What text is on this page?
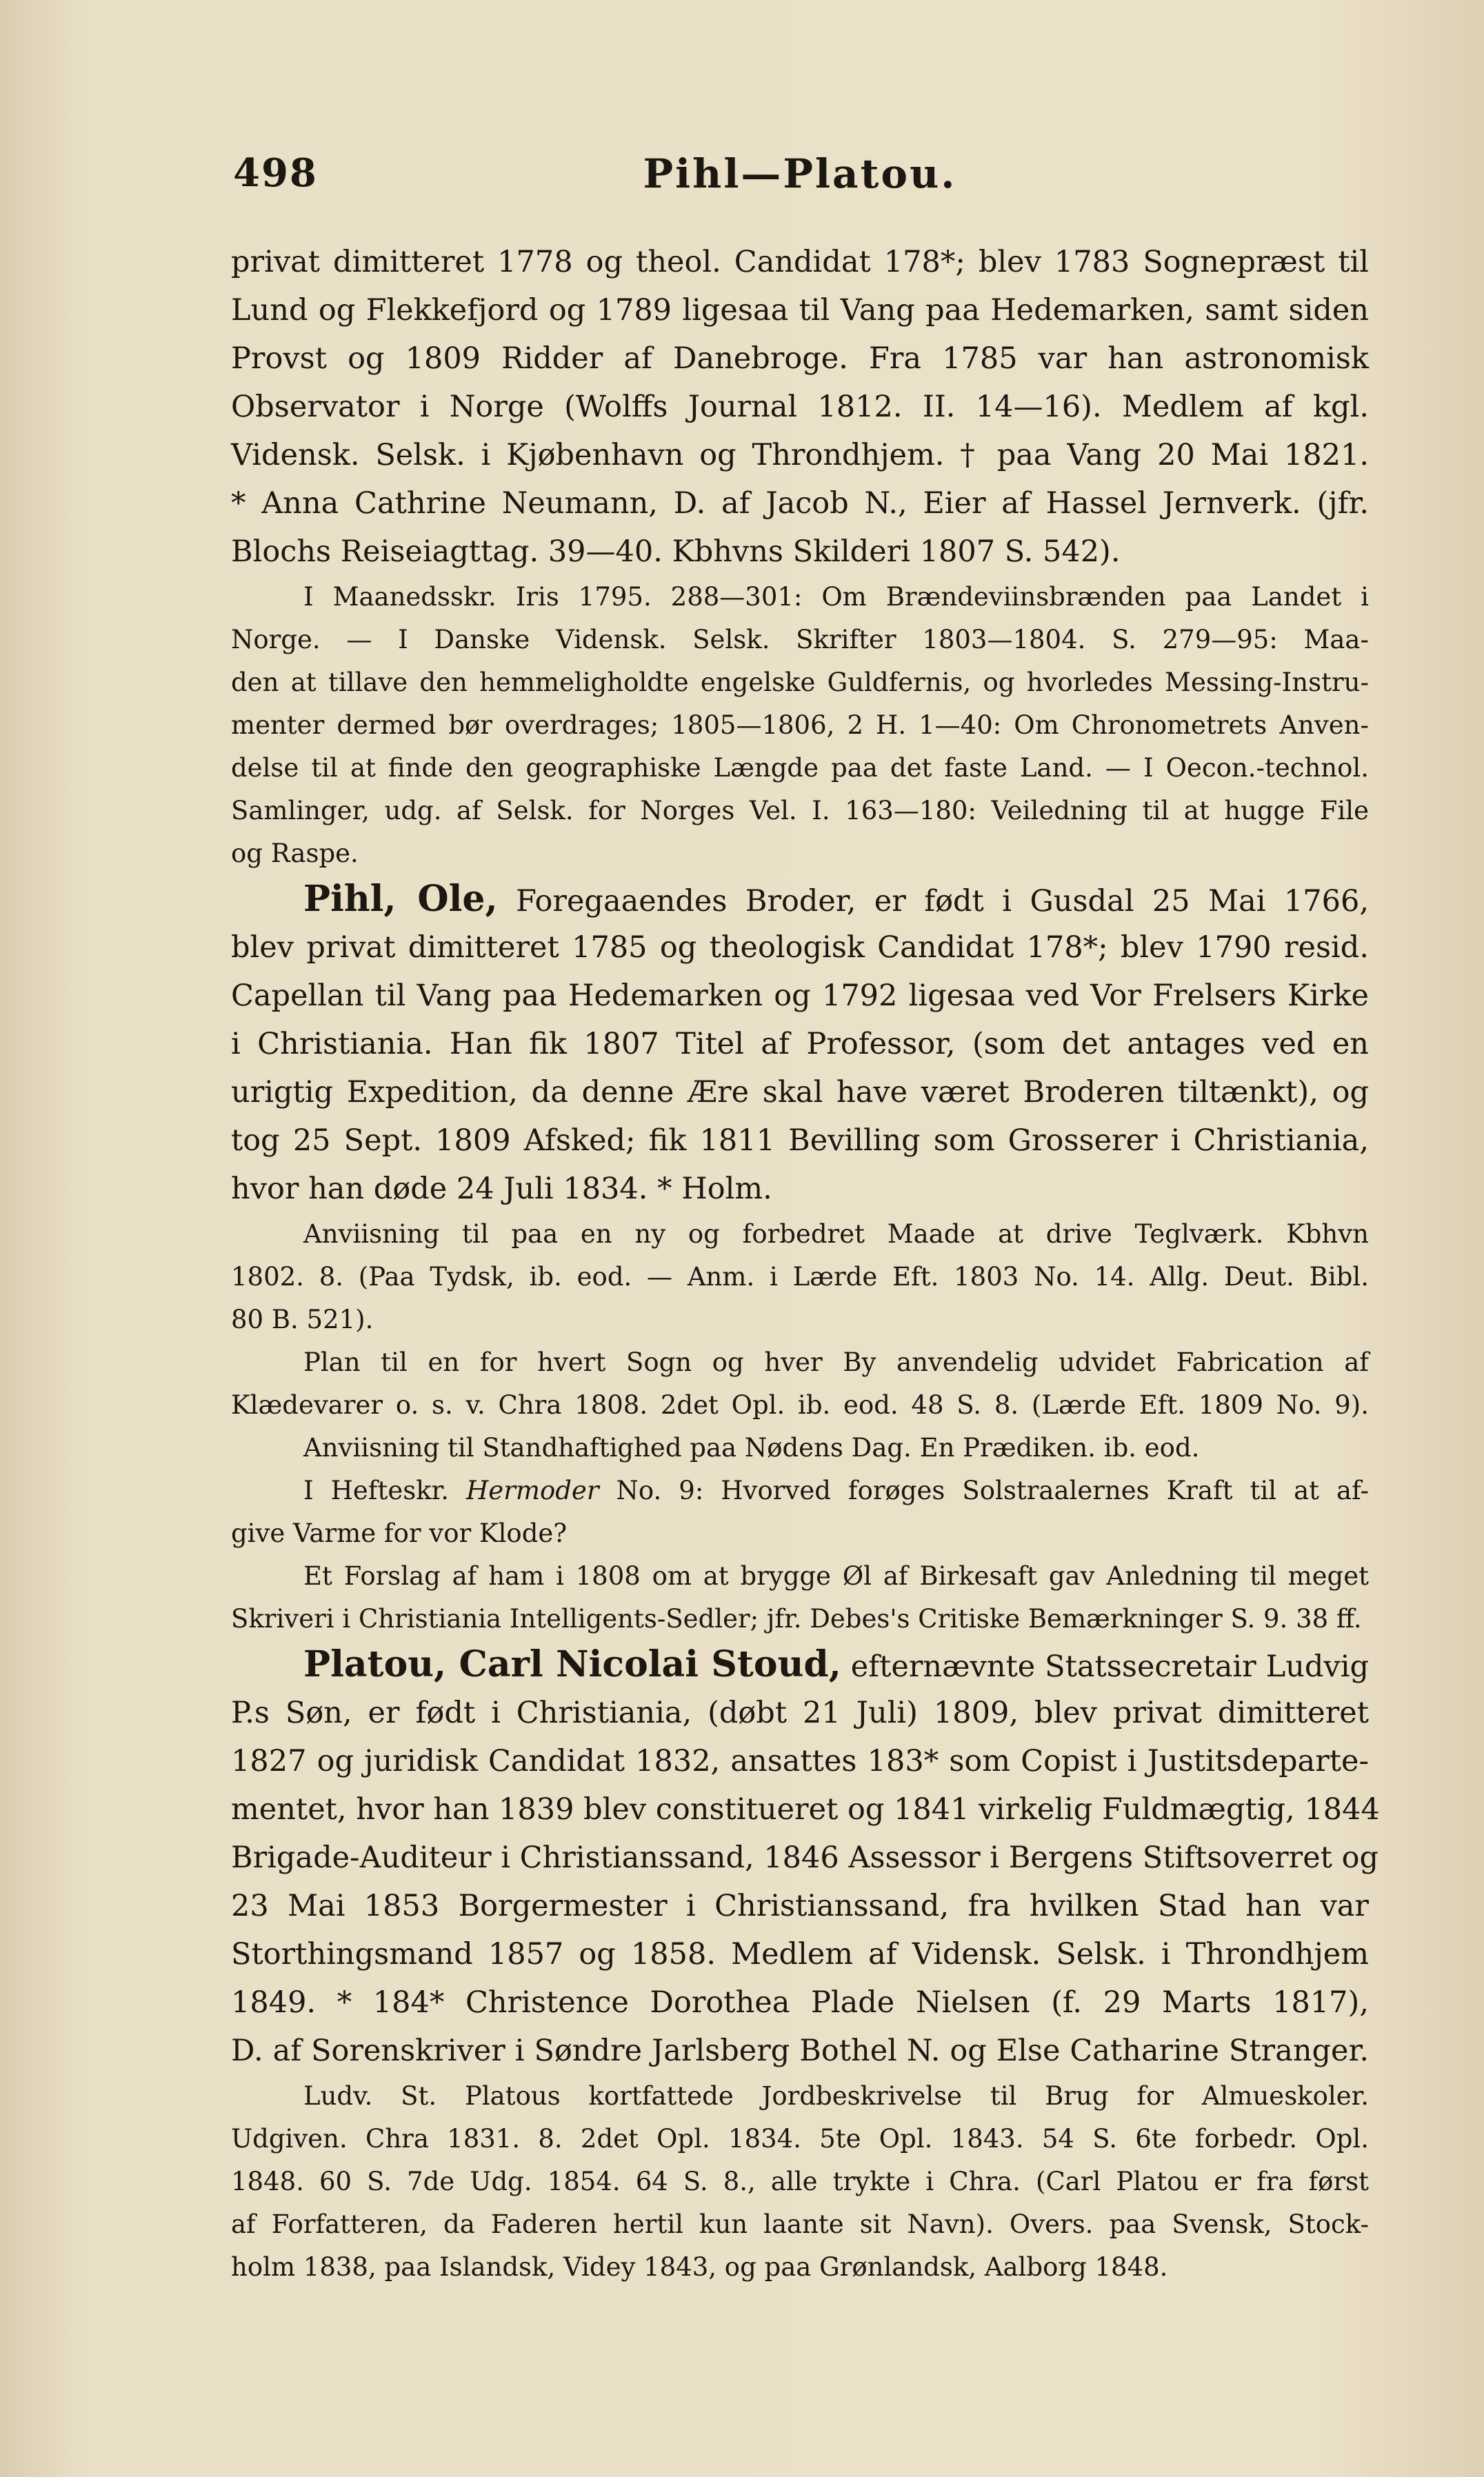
498	Pihl—Platou.
privat dimitteret 1778 og theol. Candidat 178*; blev 1783 Sognepræst til
Lund og Flekkefjord og 1789 ligesaa til Vang paa Hedemarken, samt siden
Provst og 1809 Ridder af Danebroge. Fra 1785 var han astronomisk
Observator i Norge (Wolffs Journal 1812. II. 14—16). Medlem af kgl.
Vidensk. Selsk. i Kjøbenhavn og Throndhjem. † paa Vang 20 Mai 1821.
* Anna Cathrine Neumann, D. af Jacob N., Eier af Hassel Jernverk. (jfr.
Blochs Reiseiagttag. 39—40. Kbhvns Skilderi 1807 S. 542).
I Maanedsskr. Iris 1795. 288—301: Om Brændeviinsbrænden paa Landet i
Norge. — I Danske Vidensk. Selsk. Skrifter 1803—1804. S. 279—95: Maa-
den at tillave den hemmeligholdte engelske Guldfernis, og hvorledes Messing-Instru-
menter dermed bør overdrages; 1805—1806, 2 H. 1—40: Om Chronometrets Anven-
delse til at finde den geographiske Længde paa det faste Land. — I Oecon.-technol.
Samlinger, udg. af Selsk. for Norges Vel. I. 163—180: Veiledning til at hugge File
og Raspe.
Pihl, Ole, Foregaaendes Broder, er født i Gusdal 25 Mai 1766,
blev privat dimitteret 1785 og theologisk Candidat 178*; blev 1790 resid.
Capellan til Vang paa Hedemarken og 1792 ligesaa ved Vor Frelsers Kirke
i Christiania. Han fik 1807 Titel af Professor, (som det antages ved en
urigtig Expedition, da denne Ære skal have været Broderen tiltænkt), og
tog 25 Sept. 1809 Afsked; fik 1811 Bevilling som Grosserer i Christiania,
hvor han døde 24 Juli 1834. * Holm.
Anviisning til paa en ny og forbedret Maade at drive Teglværk. Kbhvn
1802. 8. (Paa Tydsk, ib. eod. — Anm. i Lærde Eft. 1803 No. 14. Allg. Deut. Bibl.
80 B. 521).
Plan til en for hvert Sogn og hver By anvendelig udvidet Fabrication af
Klædevarer o. s. v. Chra 1808. 2det Opl. ib. eod. 48 S. 8. (Lærde Eft. 1809 No. 9).
Anviisning til Standhaftighed paa Nødens Dag. En Prædiken. ib. eod.
I Hefteskr. Hermoder No. 9: Hvorved forøges Solstraalernes Kraft til at af-
give Varme for vor Klode?
Et Forslag af ham i 1808 om at brygge Øl af Birkesaft gav Anledning til meget
Skriveri i Christiania Intelligents-Sedler; jfr. Debes's Critiske Bemærkninger S. 9. 38 ff.
Platou, Carl Nicolai Stoud, efternævnte Statssecretair Ludvig
P.s Søn, er født i Christiania, (døbt 21 Juli) 1809, blev privat dimitteret
1827 og juridisk Candidat 1832, ansattes 183* som Copist i Justitsdeparte-
mentet, hvor han 1839 blev constitueret og 1841 virkelig Fuldmægtig, 1844
Brigade-Auditeur i Christianssand, 1846 Assessor i Bergens Stiftsoverret og
23 Mai 1853 Borgermester i Christianssand, fra hvilken Stad han var
Storthingsmand 1857 og 1858. Medlem af Vidensk. Selsk. i Throndhjem
1849. * 184* Christence Dorothea Plade Nielsen (f. 29 Marts 1817),
D. af Sorenskriver i Søndre Jarlsberg Bothel N. og Else Catharine Stranger.
Ludv. St. Platous kortfattede Jordbeskrivelse til Brug for Almueskoler.
Udgiven. Chra 1831. 8. 2det Opl. 1834. 5te Opl. 1843. 54 S. 6te forbedr. Opl.
1848. 60 S. 7de Udg. 1854. 64 S. 8., alle trykte i Chra. (Carl Platou er fra først
af Forfatteren, da Faderen hertil kun laante sit Navn). Overs. paa Svensk, Stock-
holm 1838, paa Islandsk, Videy 1843, og paa Grønlandsk, Aalborg 1848.
